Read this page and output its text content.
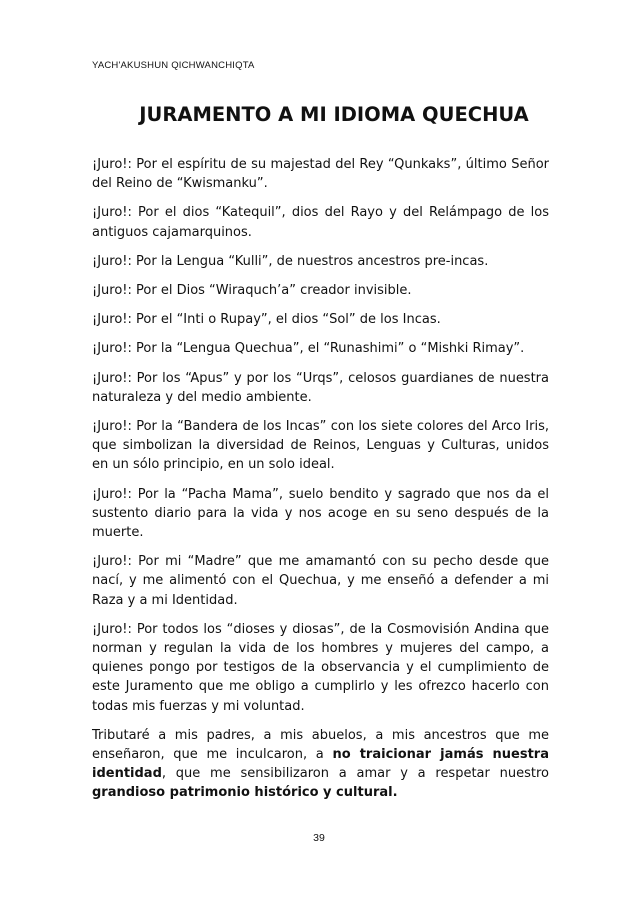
YACH'AKUSHUN QICHWANCHIQTA
JURAMENTO A MI IDIOMA QUECHUA

¡Juro!: Por el espíritu de su majestad del Rey “Qunkaks”, último Señor del Reino de “Kwismanku”.

¡Juro!: Por el dios “Katequil”, dios del Rayo y del Relámpago de los antiguos cajamarquinos.

¡Juro!: Por la Lengua “Kulli”, de nuestros ancestros pre-incas.

¡Juro!: Por el Dios “Wiraquch’a” creador invisible.

¡Juro!: Por el “Inti o Rupay”, el dios “Sol” de los Incas.

¡Juro!: Por la “Lengua Quechua”, el “Runashimi” o “Mishki Rimay”.

¡Juro!: Por los “Apus” y por los “Urqs”, celosos guardianes de nuestra naturaleza y del medio ambiente.

¡Juro!: Por la “Bandera de los Incas” con los siete colores del Arco Iris, que simbolizan la diversidad de Reinos, Lenguas y Culturas, unidos en un sólo principio, en un solo ideal.

¡Juro!: Por la “Pacha Mama”, suelo bendito y sagrado que nos da el sustento diario para la vida y nos acoge en su seno después de la muerte.

¡Juro!: Por mi “Madre” que me amamantó con su pecho desde que nací, y me alimentó con el Quechua, y me enseñó a defender a mi Raza y a mi Identidad.

¡Juro!: Por todos los “dioses y diosas”, de la Cosmovisión Andina que norman y regulan la vida de los hombres y mujeres del campo, a quienes pongo por testigos de la observancia y el cumplimiento de este Juramento que me obligo a cumplirlo y les ofrezco hacerlo con todas mis fuerzas y mi voluntad.

Tributaré a mis padres, a mis abuelos, a mis ancestros que me enseñaron, que me inculcaron, a no traicionar jamás nuestra identidad, que me sensibilizaron a amar y a respetar nuestro grandioso patrimonio histórico y cultural.

39
